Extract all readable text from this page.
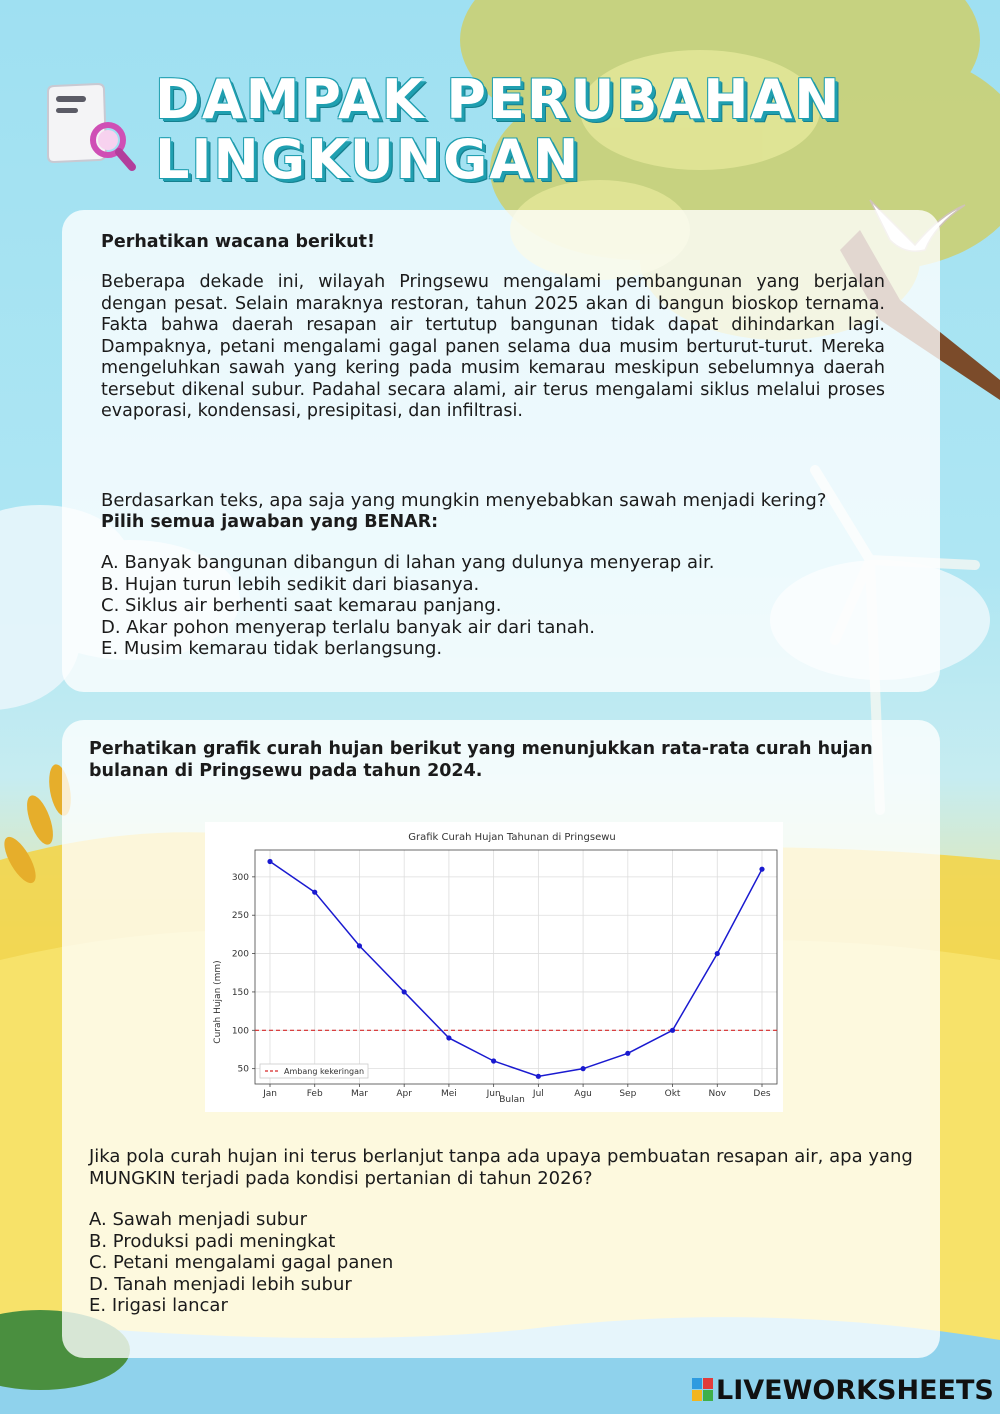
DAMPAK PERUBAHAN
LINGKUNGAN
Perhatikan wacana berikut!
Beberapa dekade ini, wilayah Pringsewu mengalami pembangunan yang berjalan dengan pesat. Selain maraknya restoran, tahun 2025 akan di bangun bioskop ternama. Fakta bahwa daerah resapan air tertutup bangunan tidak dapat dihindarkan lagi. Dampaknya, petani mengalami gagal panen selama dua musim berturut-turut. Mereka mengeluhkan sawah yang kering pada musim kemarau meskipun sebelumnya daerah tersebut dikenal subur. Padahal secara alami, air terus mengalami siklus melalui proses evaporasi, kondensasi, presipitasi, dan infiltrasi.
Berdasarkan teks, apa saja yang mungkin menyebabkan sawah menjadi kering?
Pilih semua jawaban yang BENAR:
A. Banyak bangunan dibangun di lahan yang dulunya menyerap air.
B. Hujan turun lebih sedikit dari biasanya.
C. Siklus air berhenti saat kemarau panjang.
D. Akar pohon menyerap terlalu banyak air dari tanah.
E. Musim kemarau tidak berlangsung.
Perhatikan grafik curah hujan berikut yang menunjukkan rata-rata curah hujan bulanan di Pringsewu pada tahun 2024.
Grafik Curah Hujan Tahunan di Pringsewu
Bulan
Curah Hujan (mm)
50
100
150
200
250
300
Jan	Feb	Mar	Apr	Mei	Jun	Jul	Agu	Sep	Okt	Nov	Des
Ambang kekeringan
Jika pola curah hujan ini terus berlanjut tanpa ada upaya pembuatan resapan air, apa yang MUNGKIN terjadi pada kondisi pertanian di tahun 2026?
A. Sawah menjadi subur
B. Produksi padi meningkat
C. Petani mengalami gagal panen
D. Tanah menjadi lebih subur
E. Irigasi lancar
LIVEWORKSHEETS
